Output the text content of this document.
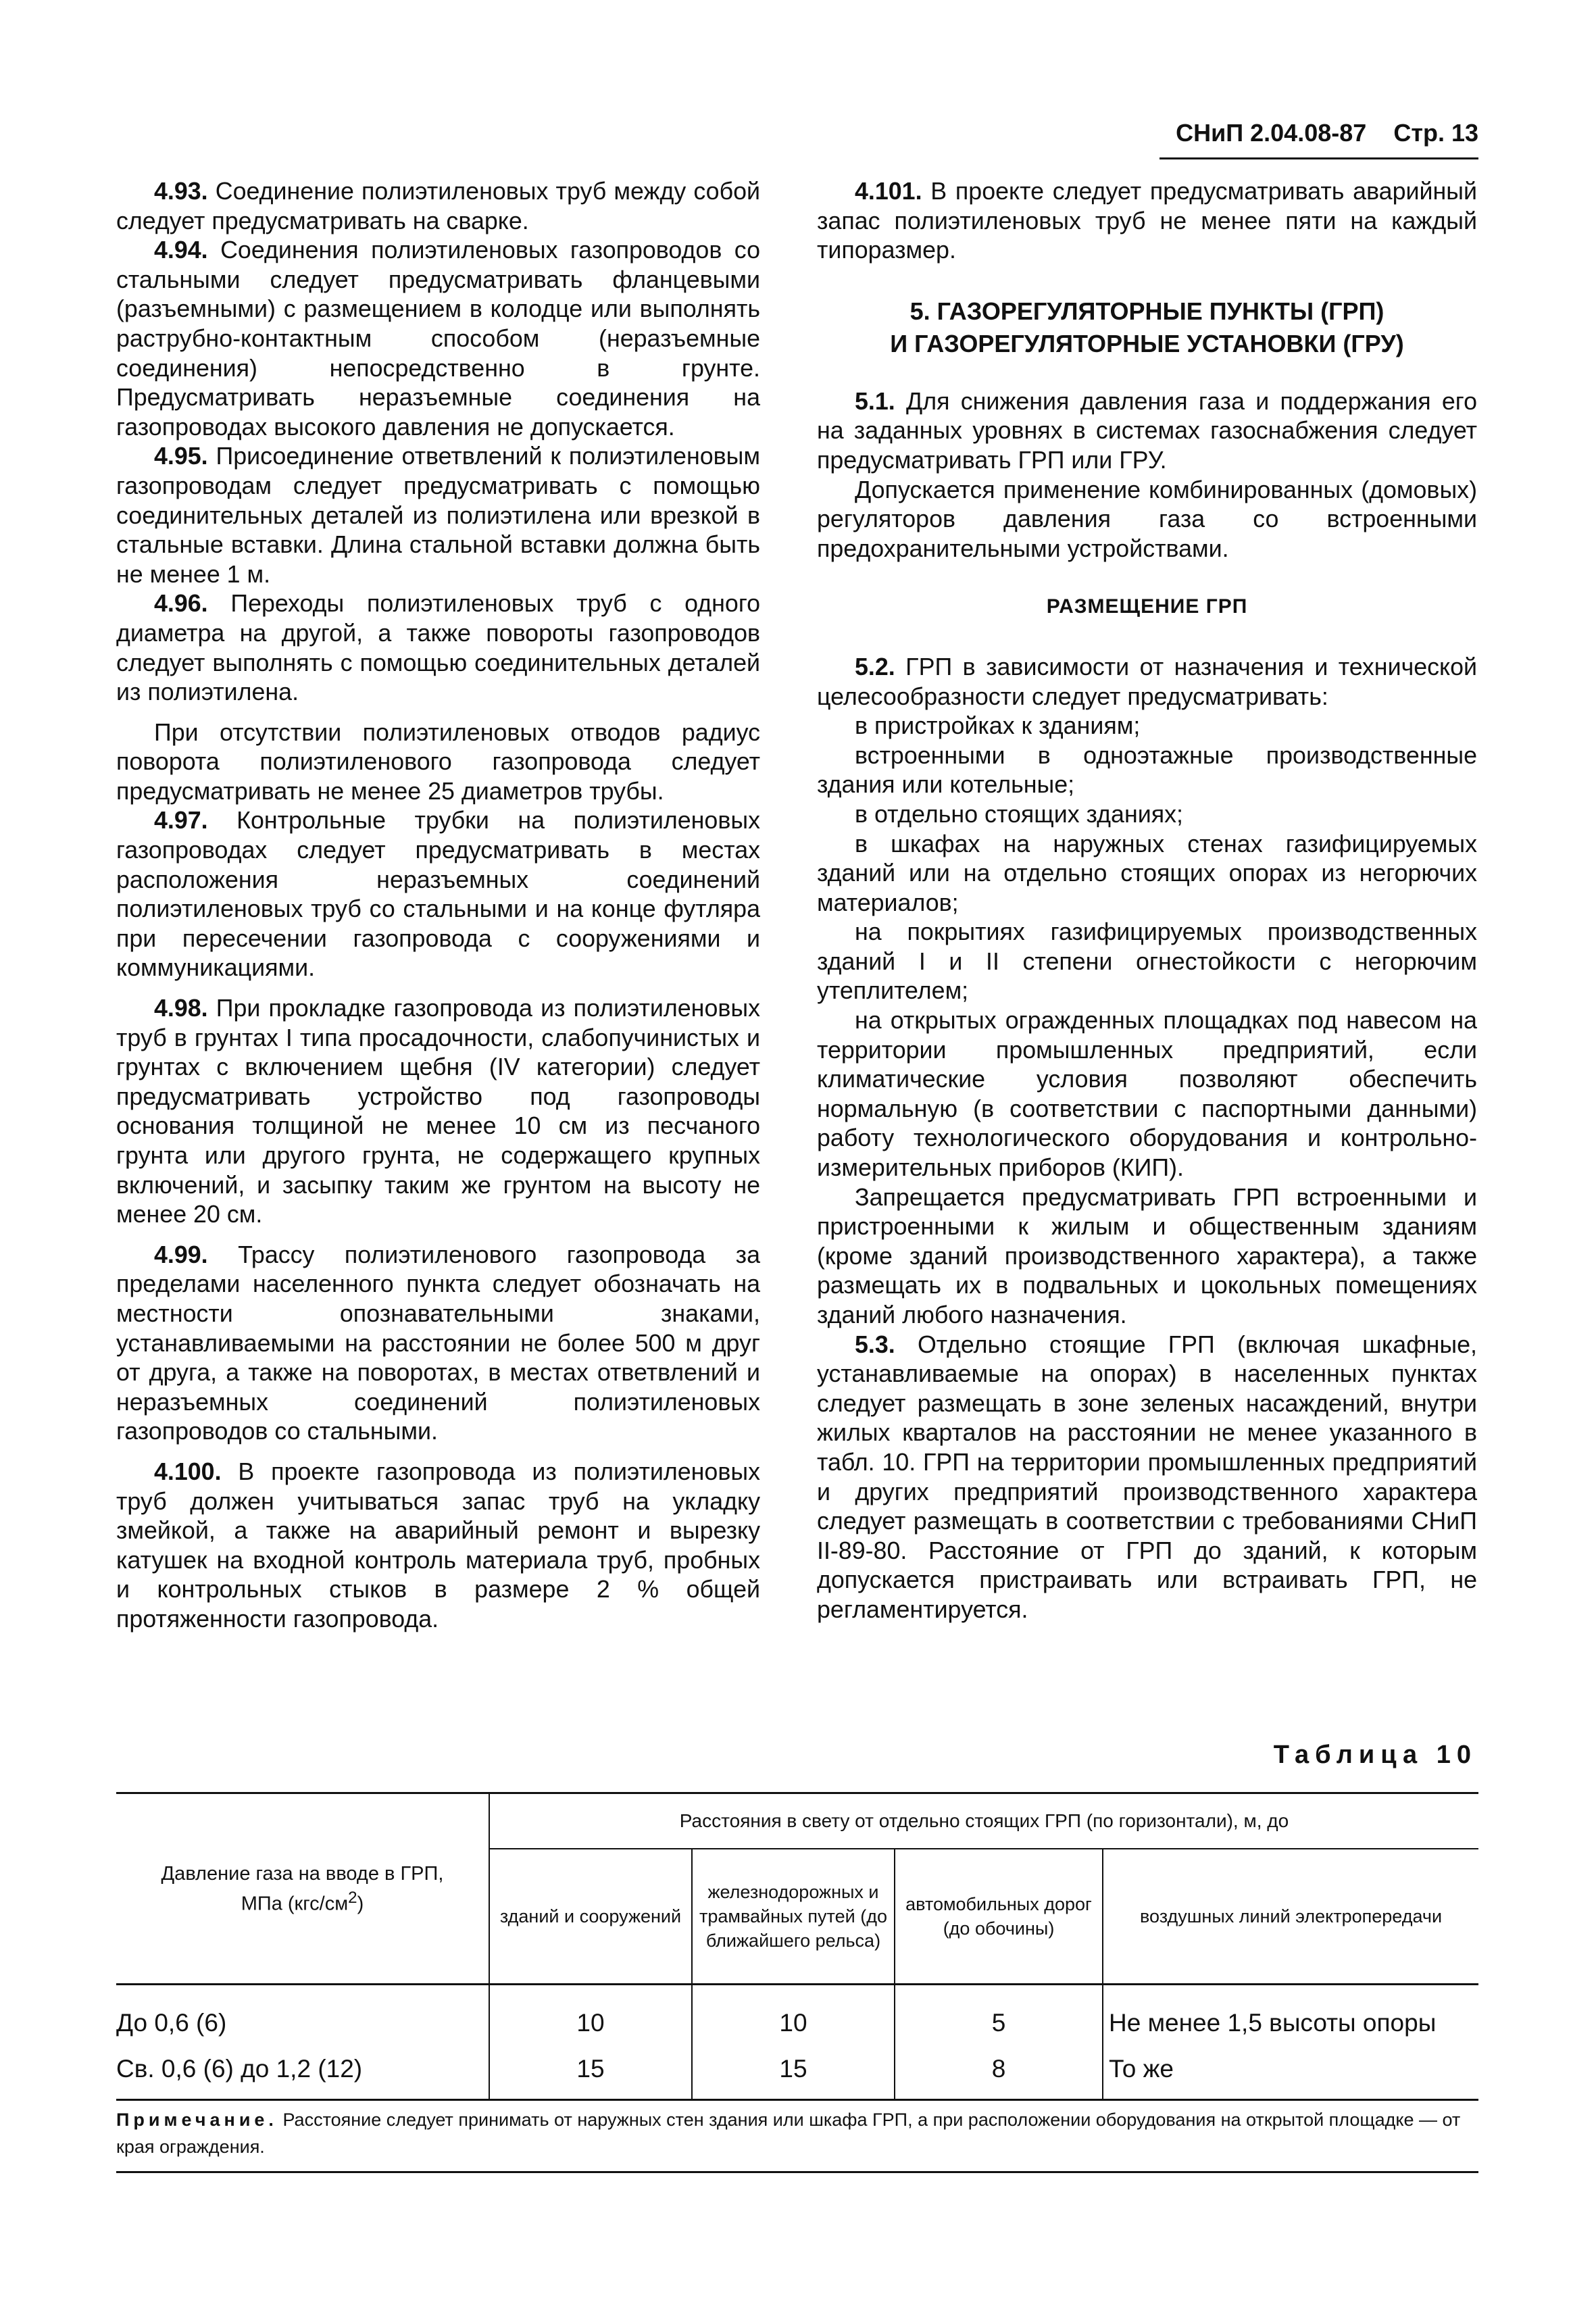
СНиП 2.04.08-87 Стр. 13

4.93. Соединение полиэтиленовых труб между собой следует предусматривать на сварке.

4.94. Соединения полиэтиленовых газопроводов со стальными следует предусматривать фланцевыми (разъемными) с размещением в колодце или выполнять раструбно-контактным способом (неразъемные соединения) непосредственно в грунте. Предусматривать неразъемные соединения на газопроводах высокого давления не допускается.

4.95. Присоединение ответвлений к полиэтиленовым газопроводам следует предусматривать с помощью соединительных деталей из полиэтилена или врезкой в стальные вставки. Длина стальной вставки должна быть не менее 1 м.

4.96. Переходы полиэтиленовых труб с одного диаметра на другой, а также повороты газопроводов следует выполнять с помощью соединительных деталей из полиэтилена.

При отсутствии полиэтиленовых отводов радиус поворота полиэтиленового газопровода следует предусматривать не менее 25 диаметров трубы.

4.97. Контрольные трубки на полиэтиленовых газопроводах следует предусматривать в местах расположения неразъемных соединений полиэтиленовых труб со стальными и на конце футляра при пересечении газопровода с сооружениями и коммуникациями.

4.98. При прокладке газопровода из полиэтиленовых труб в грунтах I типа просадочности, слабопучинистых и грунтах с включением щебня (IV категории) следует предусматривать устройство под газопроводы основания толщиной не менее 10 см из песчаного грунта или другого грунта, не содержащего крупных включений, и засыпку таким же грунтом на высоту не менее 20 см.

4.99. Трассу полиэтиленового газопровода за пределами населенного пункта следует обозначать на местности опознавательными знаками, устанавливаемыми на расстоянии не более 500 м друг от друга, а также на поворотах, в местах ответвлений и неразъемных соединений полиэтиленовых газопроводов со стальными.

4.100. В проекте газопровода из полиэтиленовых труб должен учитываться запас труб на укладку змейкой, а также на аварийный ремонт и вырезку катушек на входной контроль материала труб, пробных и контрольных стыков в размере 2 % общей протяженности газопровода.

4.101. В проекте следует предусматривать аварийный запас полиэтиленовых труб не менее пяти на каждый типоразмер.

5. ГАЗОРЕГУЛЯТОРНЫЕ ПУНКТЫ (ГРП)
И ГАЗОРЕГУЛЯТОРНЫЕ УСТАНОВКИ (ГРУ)

5.1. Для снижения давления газа и поддержания его на заданных уровнях в системах газоснабжения следует предусматривать ГРП или ГРУ.

Допускается применение комбинированных (домовых) регуляторов давления газа со встроенными предохранительными устройствами.

РАЗМЕЩЕНИЕ ГРП

5.2. ГРП в зависимости от назначения и технической целесообразности следует предусматривать:

в пристройках к зданиям;

встроенными в одноэтажные производственные здания или котельные;

в отдельно стоящих зданиях;

в шкафах на наружных стенах газифицируемых зданий или на отдельно стоящих опорах из негорючих материалов;

на покрытиях газифицируемых производственных зданий I и II степени огнестойкости с негорючим утеплителем;

на открытых огражденных площадках под навесом на территории промышленных предприятий, если климатические условия позволяют обеспечить нормальную (в соответствии с паспортными данными) работу технологического оборудования и контрольно-измерительных приборов (КИП).

Запрещается предусматривать ГРП встроенными и пристроенными к жилым и общественным зданиям (кроме зданий производственного характера), а также размещать их в подвальных и цокольных помещениях зданий любого назначения.

5.3. Отдельно стоящие ГРП (включая шкафные, устанавливаемые на опорах) в населенных пунктах следует размещать в зоне зеленых насаждений, внутри жилых кварталов на расстоянии не менее указанного в табл. 10. ГРП на территории промышленных предприятий и других предприятий производственного характера следует размещать в соответствии с требованиями СНиП II-89-80. Расстояние от ГРП до зданий, к которым допускается пристраивать или встраивать ГРП, не регламентируется.

Таблица 10
Давление газа на вводе в ГРП,
МПа $(кгс/см^2)$	Расстояния в свету от отдельно стоящих ГРП (по горизонтали), м, до			
	зданий и сооружений	железнодорожных и трамвайных путей (до ближайшего рельса)	автомобильных дорог (до обочины)	воздушных линий электропередачи
До 0,6 (6)	10	10	5	Не менее 1,5 высоты опоры
Св. 0,6 (6) до 1,2 (12)	15	15	8	То же
Примечание. Расстояние следует принимать от наружных стен здания или шкафа ГРП, а при расположении оборудования на открытой площадке — от края ограждения.
